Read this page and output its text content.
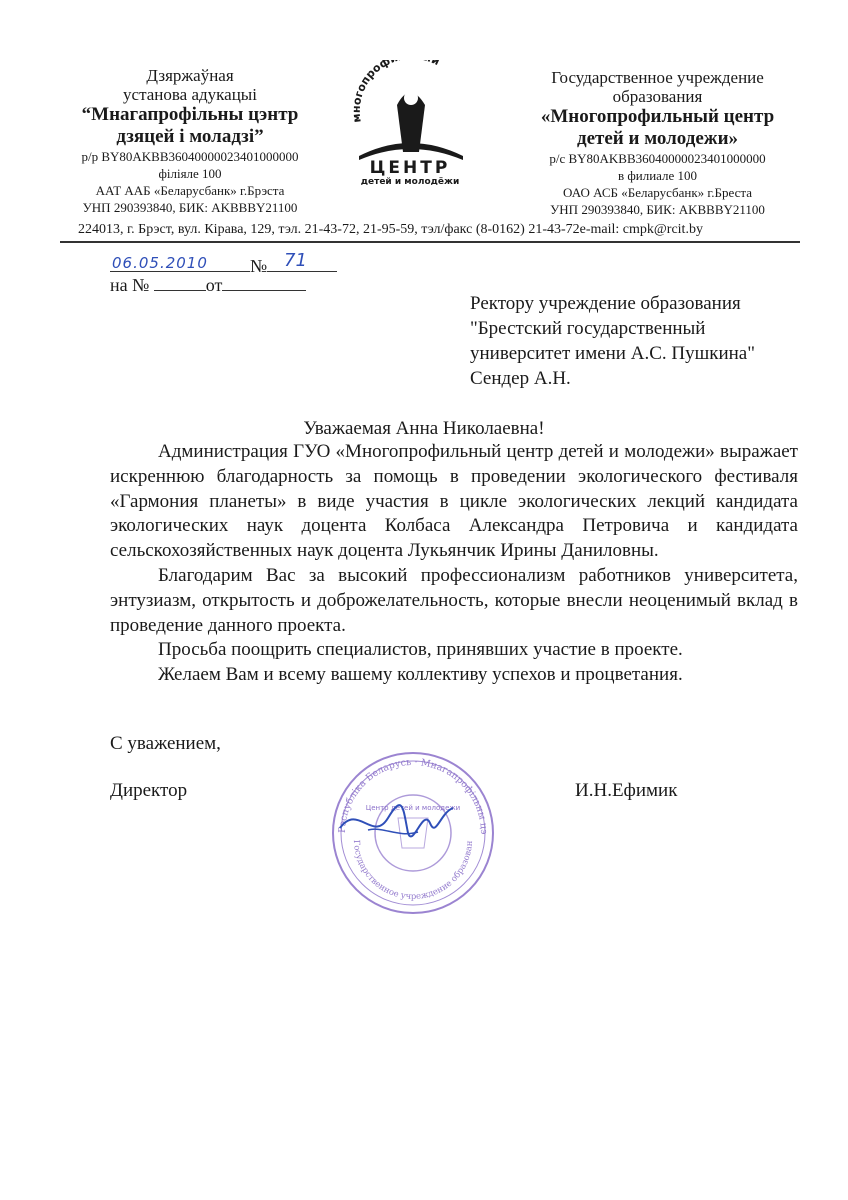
Дзяржаўная
установа адукацыі
“Мнагапрофільны цэнтр
дзяцей і моладзі”
р/р BY80AKBB36040000023401000000
філіяле 100
ААТ ААБ «Беларусбанк» г.Брэста
УНП 290393840, БИК: AKBBBY21100
многопроф й
ЦЕНТР
детей и молодёжи
Государственное учреждение
образования
«Многопрофильный центр
детей и молодежи»
р/с BY80AKBB36040000023401000000
в филиале 100
ОАО АСБ «Беларусбанк» г.Бреста
УНП 290393840, БИК: AKBBBY21100
224013, г. Брэст, вул. Кірава, 129, тэл. 21-43-72, 21-95-59, тэл/факс (8-0162) 21-43-72e-mail: cmpk@rcit.by
№
06.05.2010	71
на №	от
Ректору учреждение образования
"Брестский государственный
университет имени А.С. Пушкина"
Сендер А.Н.
Уважаемая Анна Николаевна!

Администрация ГУО «Многопрофильный центр детей и молодежи» выражает искреннюю благодарность за помощь в проведении экологического фестиваля «Гармония планеты» в виде участия в цикле экологических лекций кандидата экологических наук доцента Колбаса Александра Петровича и кандидата сельскохозяйственных наук доцента Лукьянчик Ирины Даниловны.

Благодарим Вас за высокий профессионализм работников университета, энтузиазм, открытость и доброжелательность, которые внесли неоценимый вклад в проведение данного проекта.

Просьба поощрить специалистов, принявших участие в проекте.

Желаем Вам и всему вашему коллективу успехов и процветания.

С уважением,
Директор	И.Н.Ефимик
Рэспубліка Беларусь · Мнагапрофільны цэ
Государственное учреждение образован
Центр детей и молодежи
